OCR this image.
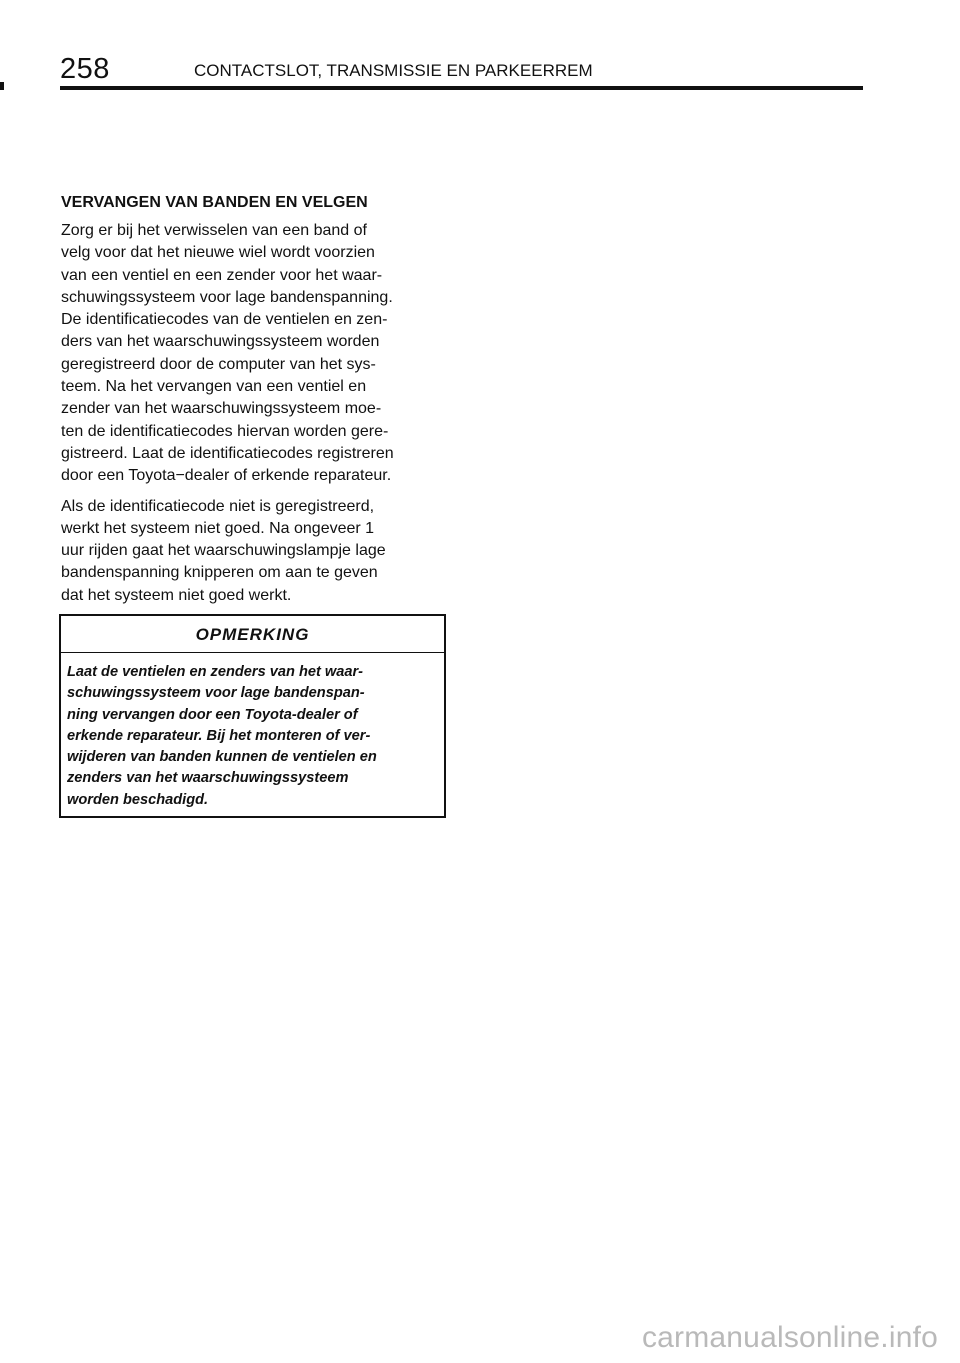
258	CONTACTSLOT, TRANSMISSIE EN PARKEERREM
VERVANGEN VAN BANDEN EN VELGEN
Zorg er bij het verwisselen van een band of
velg voor dat het nieuwe wiel wordt voorzien
van een ventiel en een zender voor het waar-
schuwingssysteem voor lage bandenspanning.
De identificatiecodes van de ventielen en zen-
ders van het waarschuwingssysteem worden
geregistreerd door de computer van het sys-
teem. Na het vervangen van een ventiel en
zender van het waarschuwingssysteem moe-
ten de identificatiecodes hiervan worden gere-
gistreerd. Laat de identificatiecodes registreren
door een Toyota−dealer of erkende reparateur.
Als de identificatiecode niet is geregistreerd,
werkt het systeem niet goed. Na ongeveer 1
uur rijden gaat het waarschuwingslampje lage
bandenspanning knipperen om aan te geven
dat het systeem niet goed werkt.
OPMERKING
Laat de ventielen en zenders van het waar-
schuwingssysteem voor lage bandenspan-
ning vervangen door een Toyota-dealer of
erkende reparateur. Bij het monteren of ver-
wijderen van banden kunnen de ventielen en
zenders van het waarschuwingssysteem
worden beschadigd.
carmanualsonline.info
